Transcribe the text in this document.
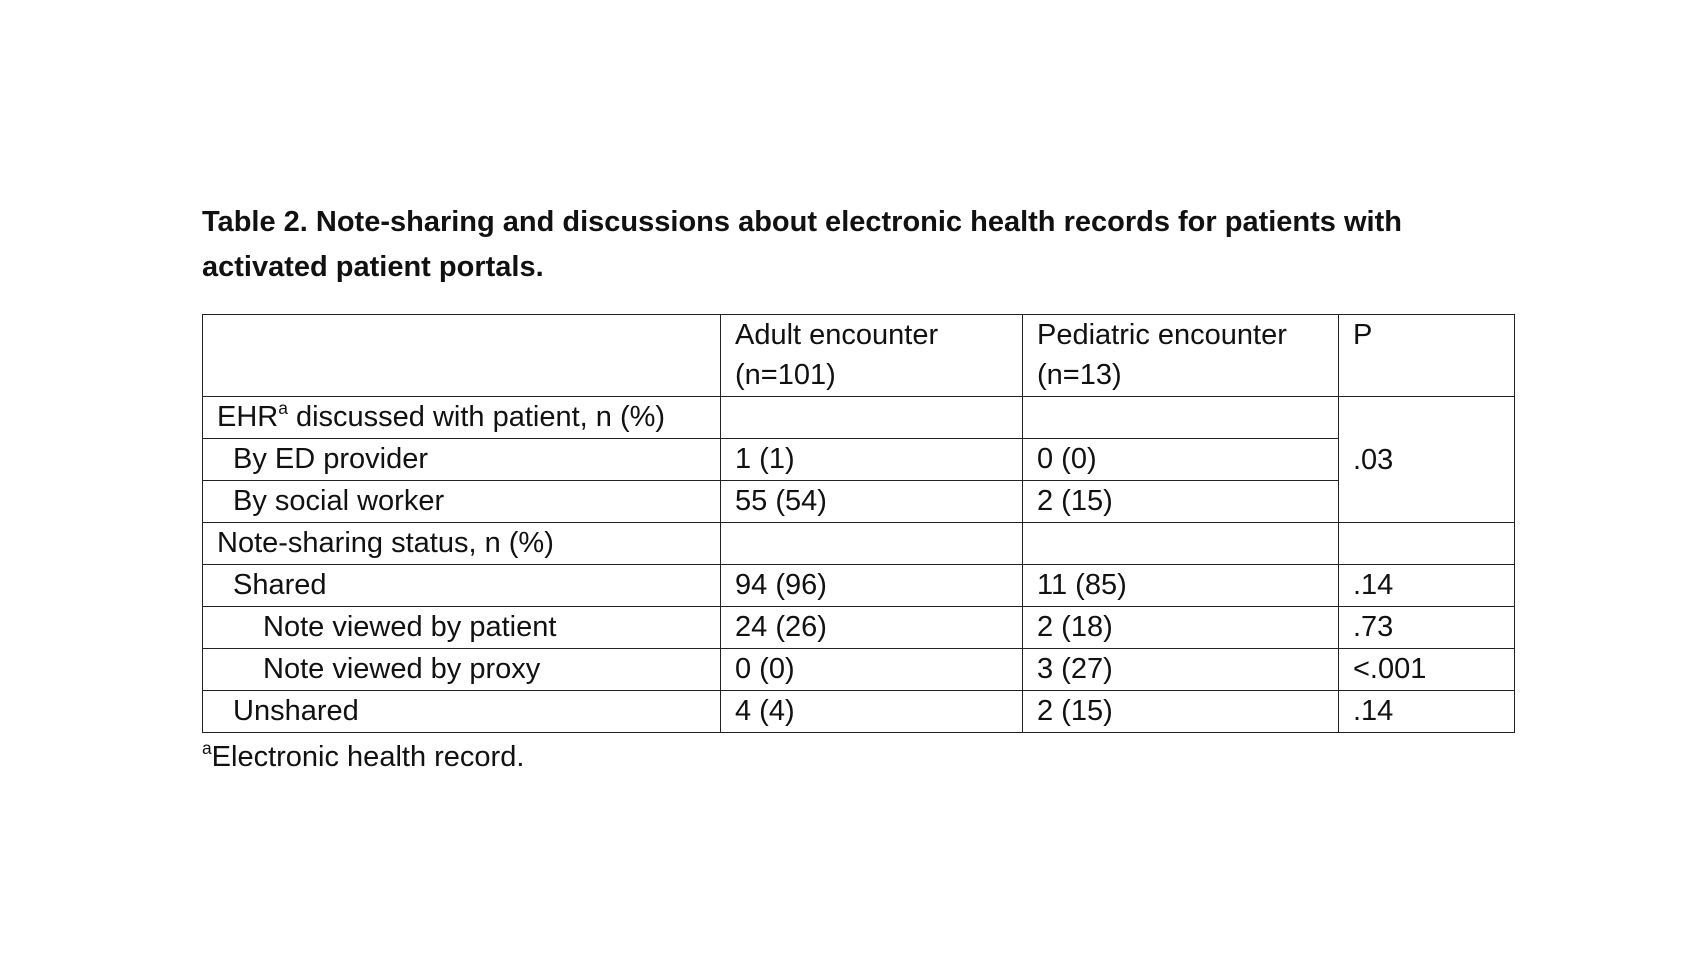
Table 2. Note-sharing and discussions about electronic health records for patients with
activated patient portals.

	Adult encounter (n=101)	Pediatric encounter (n=13)	P
EHR$^a$ discussed with patient, n (%)			.03
By ED provider	1 (1)	0 (0)	
By social worker	55 (54)	2 (15)	
Note-sharing status, n (%)			
Shared	94 (96)	11 (85)	.14
Note viewed by patient	24 (26)	2 (18)	.73
Note viewed by proxy	0 (0)	3 (27)	<.001
Unshared	4 (4)	2 (15)	.14

$^a$Electronic health record.
